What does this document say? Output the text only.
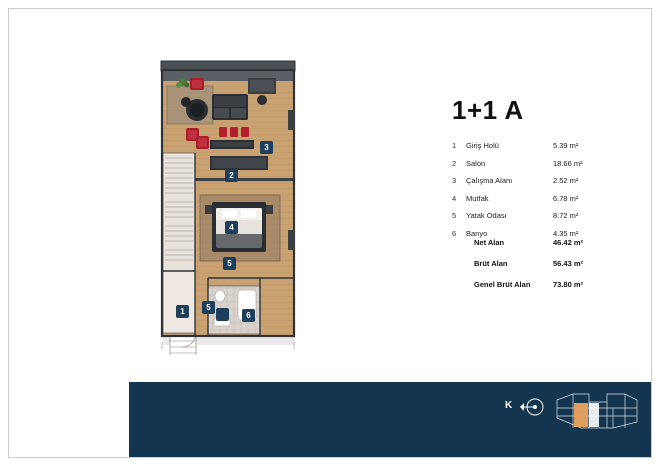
1
2
3
4
5
5
6
1+1 A
1	Giriş Holü	5.39 m²
2	Salon	18.66 m²
3	Çalışma Alanı	2.52 m²
4	Mutfak	6.78 m²
5	Yatak Odası	8.72 m²
6	Banyo	4.35 m²
Net Alan	46.42 m²
Brüt Alan	56.43 m²
Genel Brüt Alan	73.80 m²
K
